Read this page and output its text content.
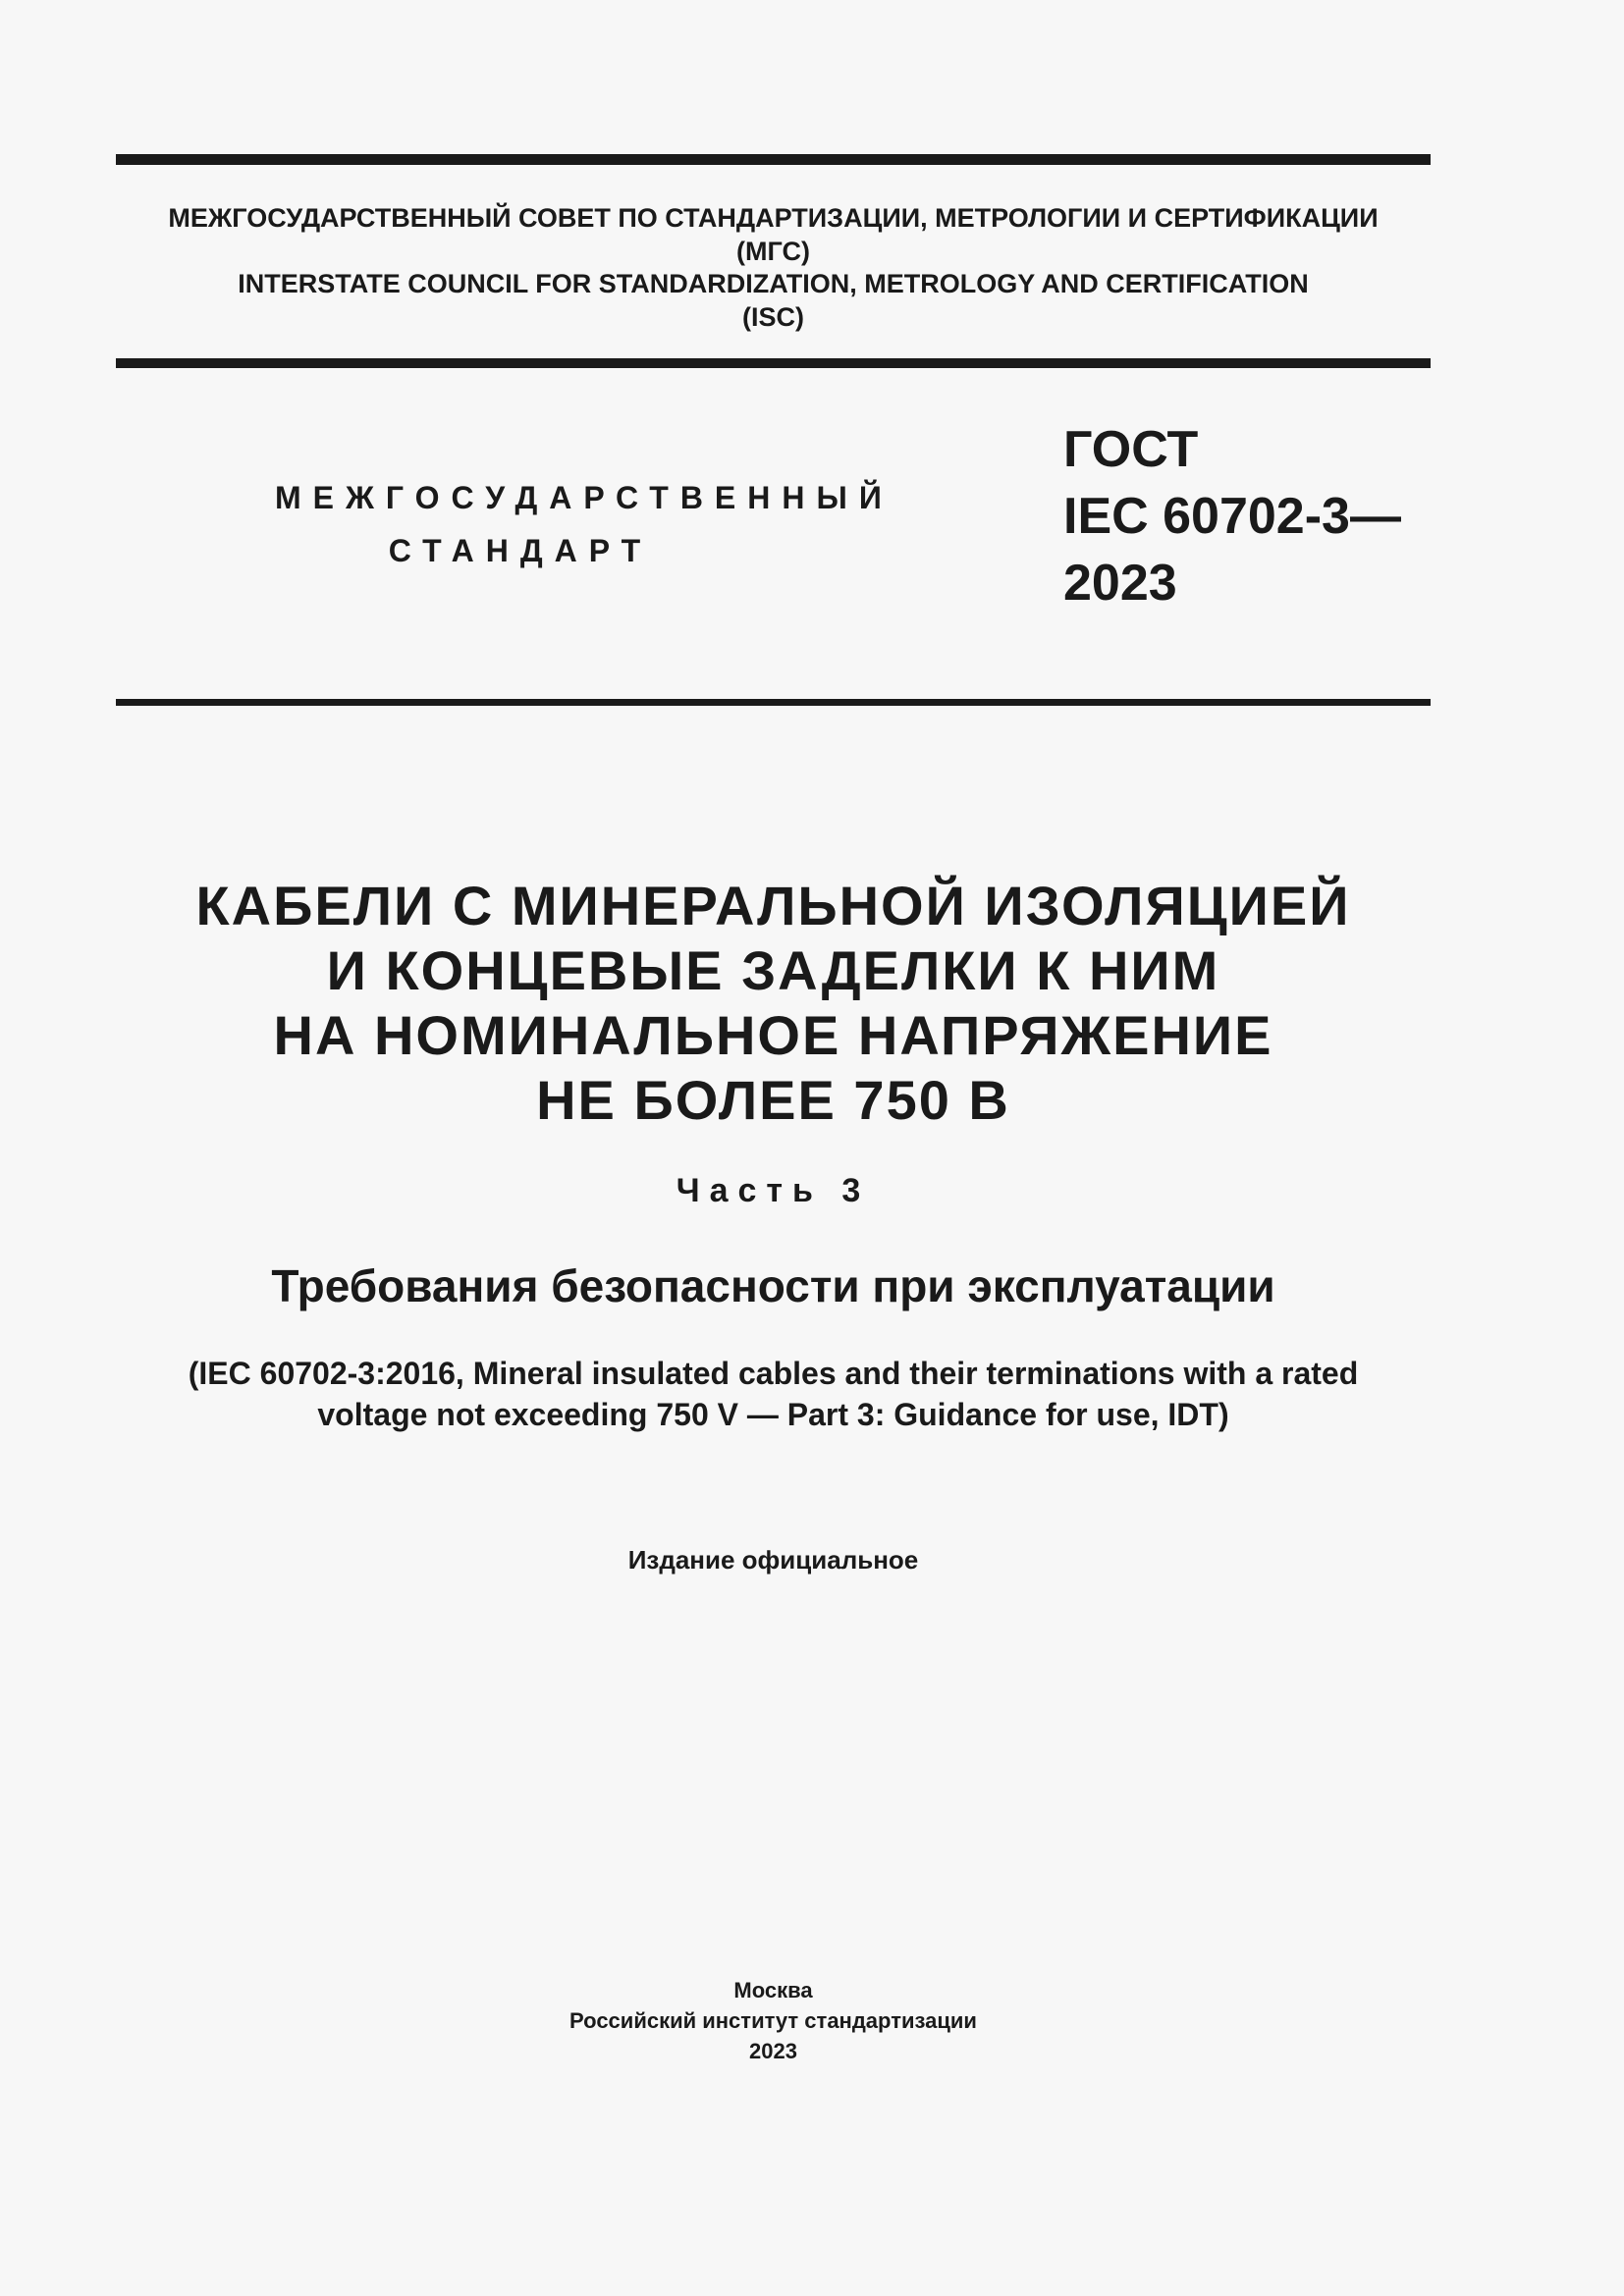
МЕЖГОСУДАРСТВЕННЫЙ СОВЕТ ПО СТАНДАРТИЗАЦИИ, МЕТРОЛОГИИ И СЕРТИФИКАЦИИ
(МГС)
INTERSTATE COUNCIL FOR STANDARDIZATION, METROLOGY AND CERTIFICATION
(ISC)
МЕЖГОСУДАРСТВЕННЫЙ
СТАНДАРТ
ГОСТ
IEC 60702-3—
2023
КАБЕЛИ С МИНЕРАЛЬНОЙ ИЗОЛЯЦИЕЙ
И КОНЦЕВЫЕ ЗАДЕЛКИ К НИМ
НА НОМИНАЛЬНОЕ НАПРЯЖЕНИЕ
НЕ БОЛЕЕ 750 В
Часть 3
Требования безопасности при эксплуатации
(IEC 60702-3:2016, Mineral insulated cables and their terminations with a rated
voltage not exceeding 750 V — Part 3: Guidance for use, IDT)
Издание официальное
Москва
Российский институт стандартизации
2023
